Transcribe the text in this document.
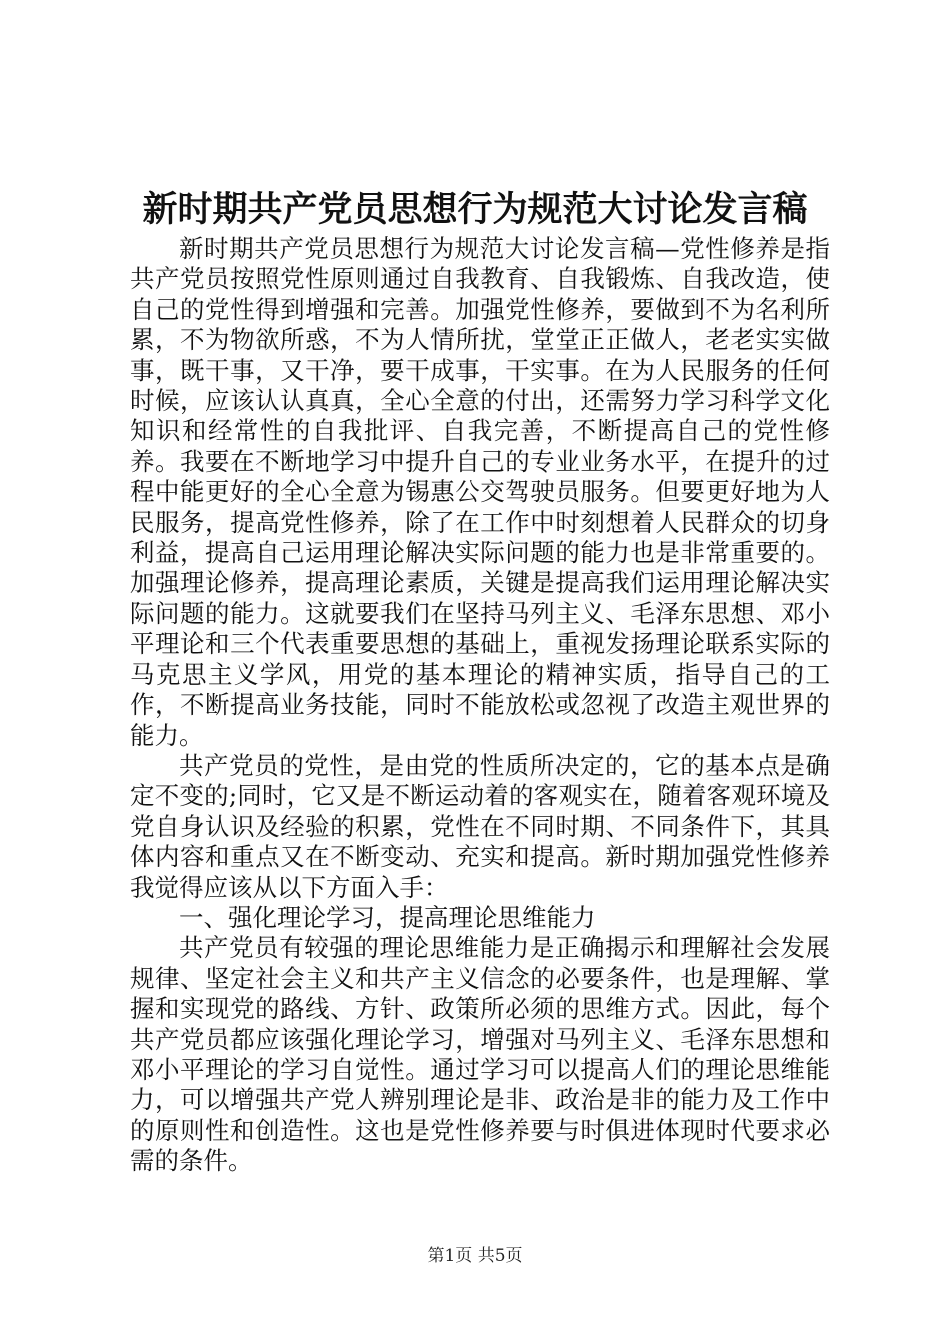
新时期共产党员思想行为规范大讨论发言稿

新时期共产党员思想行为规范大讨论发言稿—党性修养是指共产党员按照党性原则通过自我教育、自我锻炼、自我改造，使自己的党性得到增强和完善。加强党性修养，要做到不为名利所累，不为物欲所惑，不为人情所扰，堂堂正正做人，老老实实做事，既干事，又干净，要干成事，干实事。在为人民服务的任何时候，应该认认真真，全心全意的付出，还需努力学习科学文化知识和经常性的自我批评、自我完善，不断提高自己的党性修养。我要在不断地学习中提升自己的专业业务水平，在提升的过程中能更好的全心全意为锡惠公交驾驶员服务。但要更好地为人民服务，提高党性修养，除了在工作中时刻想着人民群众的切身利益，提高自己运用理论解决实际问题的能力也是非常重要的。加强理论修养，提高理论素质，关键是提高我们运用理论解决实际问题的能力。这就要我们在坚持马列主义、毛泽东思想、邓小平理论和三个代表重要思想的基础上，重视发扬理论联系实际的马克思主义学风，用党的基本理论的精神实质，指导自己的工作，不断提高业务技能，同时不能放松或忽视了改造主观世界的能力。

共产党员的党性，是由党的性质所决定的，它的基本点是确定不变的;同时，它又是不断运动着的客观实在，随着客观环境及党自身认识及经验的积累，党性在不同时期、不同条件下，其具体内容和重点又在不断变动、充实和提高。新时期加强党性修养我觉得应该从以下方面入手：

一、强化理论学习，提高理论思维能力

共产党员有较强的理论思维能力是正确揭示和理解社会发展规律、坚定社会主义和共产主义信念的必要条件，也是理解、掌握和实现党的路线、方针、政策所必须的思维方式。因此，每个共产党员都应该强化理论学习，增强对马列主义、毛泽东思想和邓小平理论的学习自觉性。通过学习可以提高人们的理论思维能力，可以增强共产党人辨别理论是非、政治是非的能力及工作中的原则性和创造性。这也是党性修养要与时俱进体现时代要求必需的条件。

第1页 共5页
